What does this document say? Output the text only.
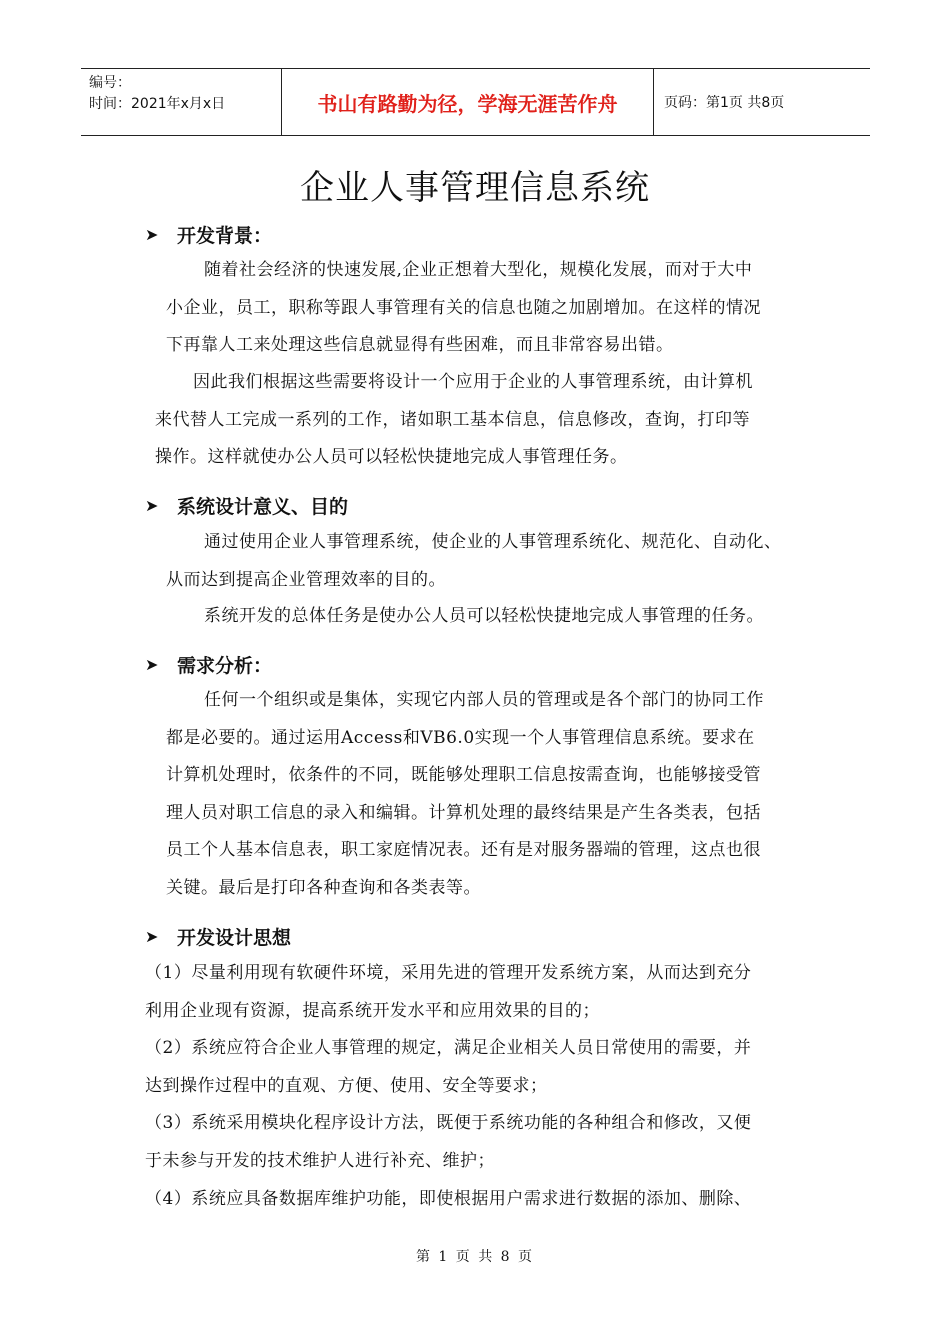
编号：
时间：2021年x月x日	书山有路勤为径，学海无涯苦作舟	页码：第1页 共8页
企业人事管理信息系统
➤ 开发背景：
随着社会经济的快速发展,企业正想着大型化，规模化发展，而对于大中
小企业，员工，职称等跟人事管理有关的信息也随之加剧增加。在这样的情况
下再靠人工来处理这些信息就显得有些困难，而且非常容易出错。
因此我们根据这些需要将设计一个应用于企业的人事管理系统，由计算机
来代替人工完成一系列的工作，诸如职工基本信息，信息修改，查询，打印等
操作。这样就使办公人员可以轻松快捷地完成人事管理任务。
➤ 系统设计意义、目的
通过使用企业人事管理系统，使企业的人事管理系统化、规范化、自动化、
从而达到提高企业管理效率的目的。
系统开发的总体任务是使办公人员可以轻松快捷地完成人事管理的任务。
➤ 需求分析：
任何一个组织或是集体，实现它内部人员的管理或是各个部门的协同工作
都是必要的。通过运用Access和VB6.0实现一个人事管理信息系统。要求在
计算机处理时，依条件的不同，既能够处理职工信息按需查询，也能够接受管
理人员对职工信息的录入和编辑。计算机处理的最终结果是产生各类表，包括
员工个人基本信息表，职工家庭情况表。还有是对服务器端的管理，这点也很
关键。最后是打印各种查询和各类表等。
➤ 开发设计思想
（1）尽量利用现有软硬件环境，采用先进的管理开发系统方案，从而达到充分
利用企业现有资源，提高系统开发水平和应用效果的目的；
（2）系统应符合企业人事管理的规定，满足企业相关人员日常使用的需要，并
达到操作过程中的直观、方便、使用、安全等要求；
（3）系统采用模块化程序设计方法，既便于系统功能的各种组合和修改，又便
于未参与开发的技术维护人进行补充、维护；
（4）系统应具备数据库维护功能，即使根据用户需求进行数据的添加、删除、
第 1 页 共 8 页
